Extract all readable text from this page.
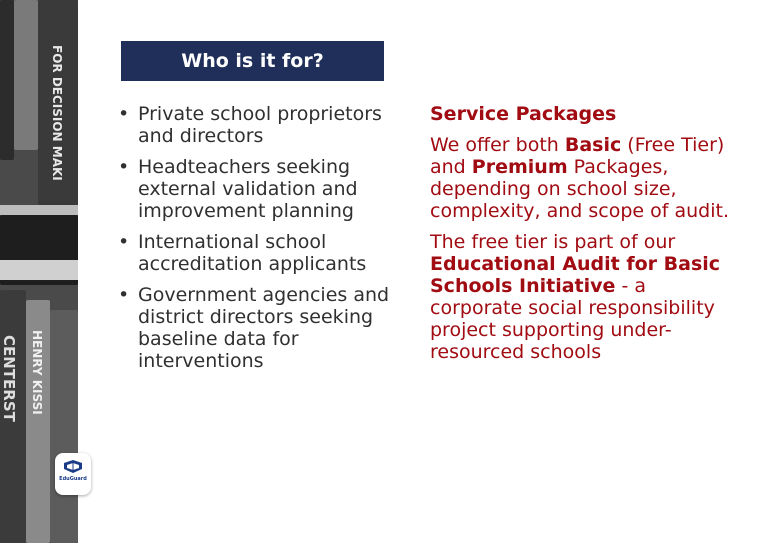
FOR DECISION MAKI
CENTERST HENRY KISSI
EduGuard
Who is it for?
• Private school proprietors and directors
• Headteachers seeking external validation and improvement planning
• International school accreditation applicants
• Government agencies and district directors seeking baseline data for interventions
Service Packages

We offer both Basic (Free Tier) and Premium Packages, depending on school size, complexity, and scope of audit.

The free tier is part of our Educational Audit for Basic Schools Initiative - a corporate social responsibility project supporting under-resourced schools
